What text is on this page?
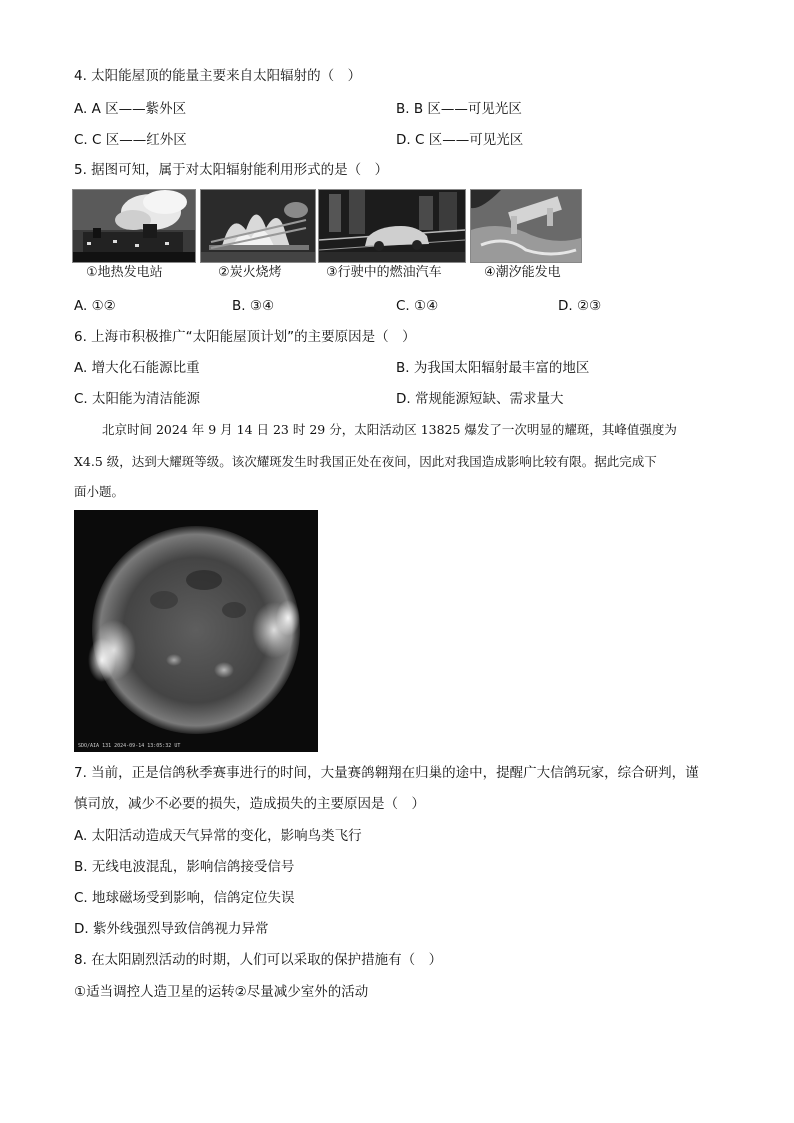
4. 太阳能屋顶的能量主要来自太阳辐射的（　）
A. A 区——紫外区	B. B 区——可见光区
C. C 区——红外区	D. C 区——可见光区
5. 据图可知，属于对太阳辐射能利用形式的是（　）
①地热发电站	②炭火烧烤	③行驶中的燃油汽车	④潮汐能发电
A. ①②	B. ③④	C. ①④	D. ②③
6. 上海市积极推广“太阳能屋顶计划”的主要原因是（　）
A. 增大化石能源比重	B. 为我国太阳辐射最丰富的地区
C. 太阳能为清洁能源	D. 常规能源短缺、需求量大
北京时间 2024 年 9 月 14 日 23 时 29 分，太阳活动区 13825 爆发了一次明显的耀斑，其峰值强度为
X4.5 级，达到大耀斑等级。该次耀斑发生时我国正处在夜间，因此对我国造成影响比较有限。据此完成下
面小题。
SDO/AIA 131 2024-09-14 13:05:32 UT
7. 当前，正是信鸽秋季赛事进行的时间，大量赛鸽翱翔在归巢的途中，提醒广大信鸽玩家，综合研判，谨
慎司放，减少不必要的损失，造成损失的主要原因是（　）
A. 太阳活动造成天气异常的变化，影响鸟类飞行
B. 无线电波混乱，影响信鸽接受信号
C. 地球磁场受到影响，信鸽定位失误
D. 紫外线强烈导致信鸽视力异常
8. 在太阳剧烈活动的时期，人们可以采取的保护措施有（　）
①适当调控人造卫星的运转②尽量减少室外的活动
